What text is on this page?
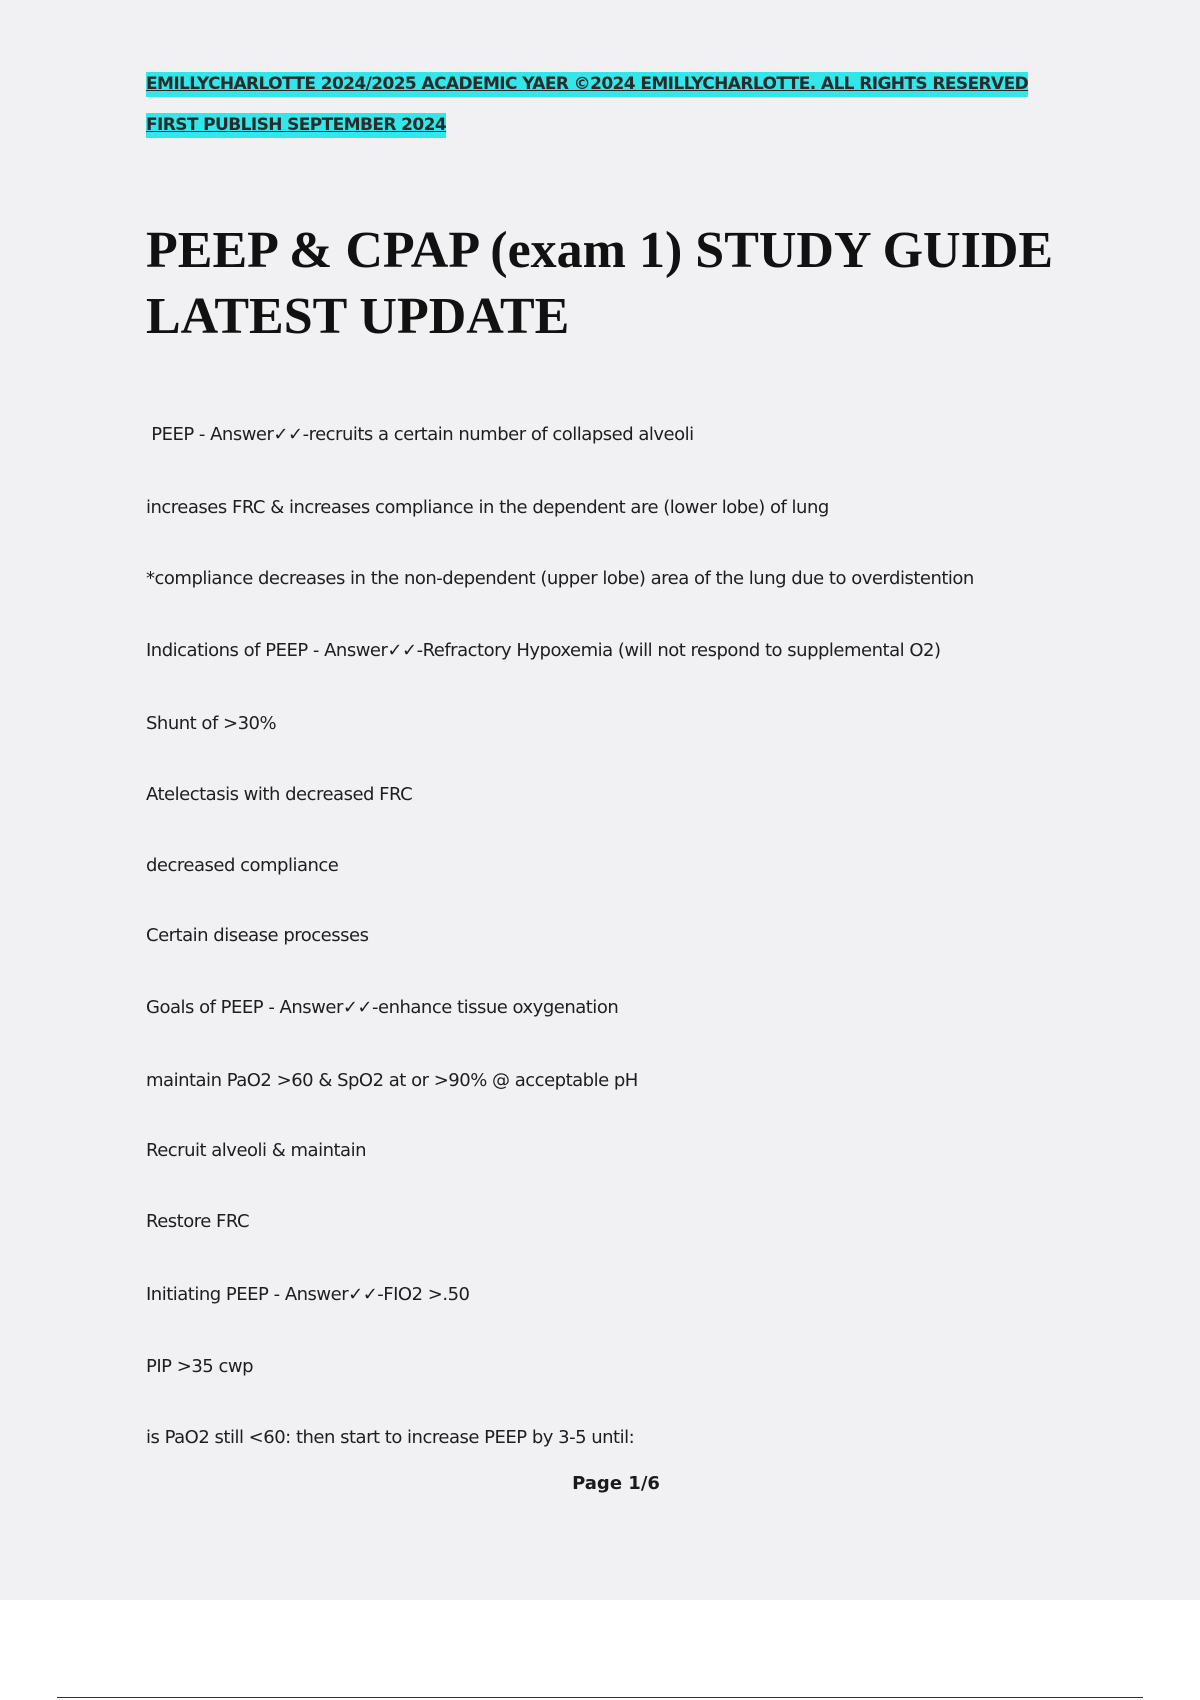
EMILLYCHARLOTTE 2024/2025 ACADEMIC YAER ©2024 EMILLYCHARLOTTE. ALL RIGHTS RESERVED
FIRST PUBLISH SEPTEMBER 2024
PEEP & CPAP (exam 1) STUDY GUIDE
LATEST UPDATE
PEEP - Answer✓✓-recruits a certain number of collapsed alveoli
increases FRC & increases compliance in the dependent are (lower lobe) of lung
*compliance decreases in the non-dependent (upper lobe) area of the lung due to overdistention
Indications of PEEP - Answer✓✓-Refractory Hypoxemia (will not respond to supplemental O2)
Shunt of >30%
Atelectasis with decreased FRC
decreased compliance
Certain disease processes
Goals of PEEP - Answer✓✓-enhance tissue oxygenation
maintain PaO2 >60 & SpO2 at or >90% @ acceptable pH
Recruit alveoli & maintain
Restore FRC
Initiating PEEP - Answer✓✓-FIO2 >.50
PIP >35 cwp
is PaO2 still <60: then start to increase PEEP by 3-5 until:
Page 1/6
